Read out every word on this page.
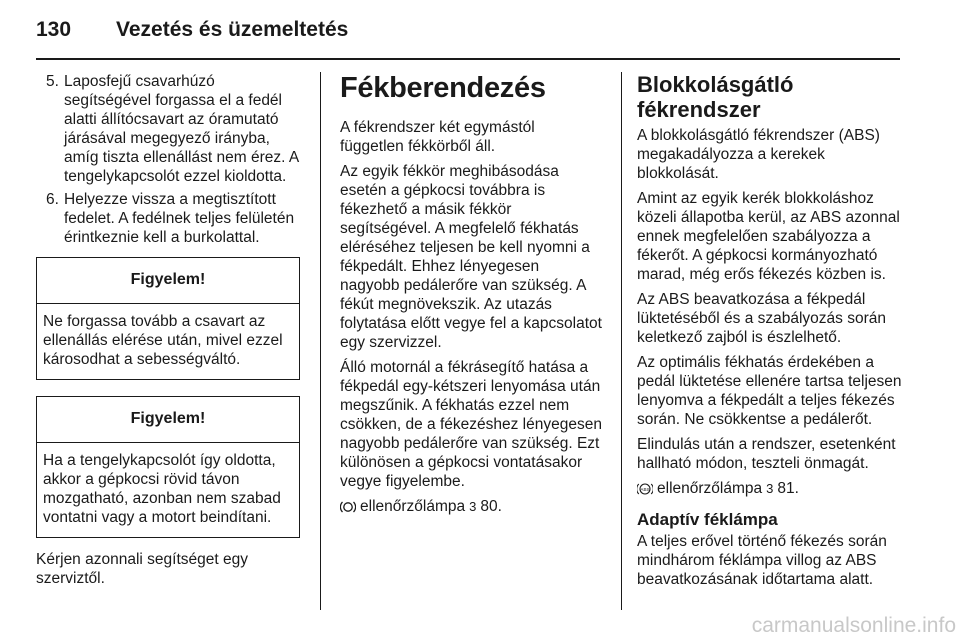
130 Vezetés és üzemeltetés
5. Laposfejű csavarhúzó segítségével forgassa el a fedél alatti állítócsavart az óramutató járásával megegyező irányba, amíg tiszta ellenállást nem érez. A tengelykapcsolót ezzel kioldotta.
6. Helyezze vissza a megtisztított fedelet. A fedélnek teljes felületén érintkeznie kell a burkolattal.
Figyelem!
Ne forgassa tovább a csavart az ellenállás elérése után, mivel ezzel károsodhat a sebességváltó.
Figyelem!
Ha a tengelykapcsolót így oldotta, akkor a gépkocsi rövid távon mozgatható, azonban nem szabad vontatni vagy a motort beindítani.

Kérjen azonnali segítséget egy szerviztől.

Fékberendezés

A fékrendszer két egymástól független fékkörből áll.

Az egyik fékkör meghibásodása esetén a gépkocsi továbbra is fékezhető a másik fékkör segítségével. A megfelelő fékhatás eléréséhez teljesen be kell nyomni a fékpedált. Ehhez lényegesen nagyobb pedálerőre van szükség. A fékút megnövekszik. Az utazás folytatása előtt vegye fel a kapcsolatot egy szervizzel.

Álló motornál a fékrásegítő hatása a fékpedál egy-kétszeri lenyomása után megszűnik. A fékhatás ezzel nem csökken, de a fékezéshez lényegesen nagyobb pedálerőre van szükség. Ezt különösen a gépkocsi vontatásakor vegye figyelembe.

ellenőrzőlámpa 3 80.

Blokkolásgátló fékrendszer

A blokkolásgátló fékrendszer (ABS) megakadályozza a kerekek blokkolását.

Amint az egyik kerék blokkoláshoz közeli állapotba kerül, az ABS azonnal ennek megfelelően szabályozza a fékerőt. A gépkocsi kormányozható marad, még erős fékezés közben is.

Az ABS beavatkozása a fékpedál lüktetéséből és a szabályozás során keletkező zajból is észlelhető.

Az optimális fékhatás érdekében a pedál lüktetése ellenére tartsa teljesen lenyomva a fékpedált a teljes fékezés során. Ne csökkentse a pedálerőt.

Elindulás után a rendszer, esetenként hallható módon, teszteli önmagát.

ABS ellenőrzőlámpa 3 81.

Adaptív féklámpa

A teljes erővel történő fékezés során mindhárom féklámpa villog az ABS beavatkozásának időtartama alatt.

carmanualsonline.info
